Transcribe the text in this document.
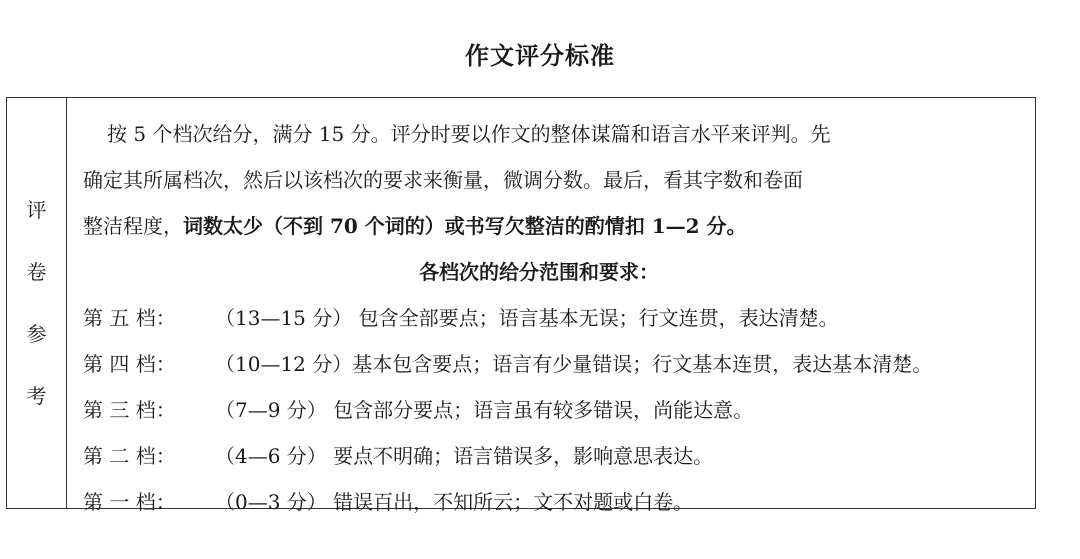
作文评分标准
评
卷
参
考
按 5 个档次给分，满分 15 分。评分时要以作文的整体谋篇和语言水平来评判。先
确定其所属档次，然后以该档次的要求来衡量，微调分数。最后，看其字数和卷面
整洁程度，词数太少（不到 70 个词的）或书写欠整洁的酌情扣 1—2 分。
各档次的给分范围和要求：
第 五 档： （13—15 分） 包含全部要点；语言基本无误；行文连贯，表达清楚。
第 四 档： （10—12 分）基本包含要点；语言有少量错误；行文基本连贯，表达基本清楚。
第 三 档： （7—9 分） 包含部分要点；语言虽有较多错误，尚能达意。
第 二 档： （4—6 分） 要点不明确；语言错误多，影响意思表达。
第 一 档： （0—3 分） 错误百出，不知所云；文不对题或白卷。
